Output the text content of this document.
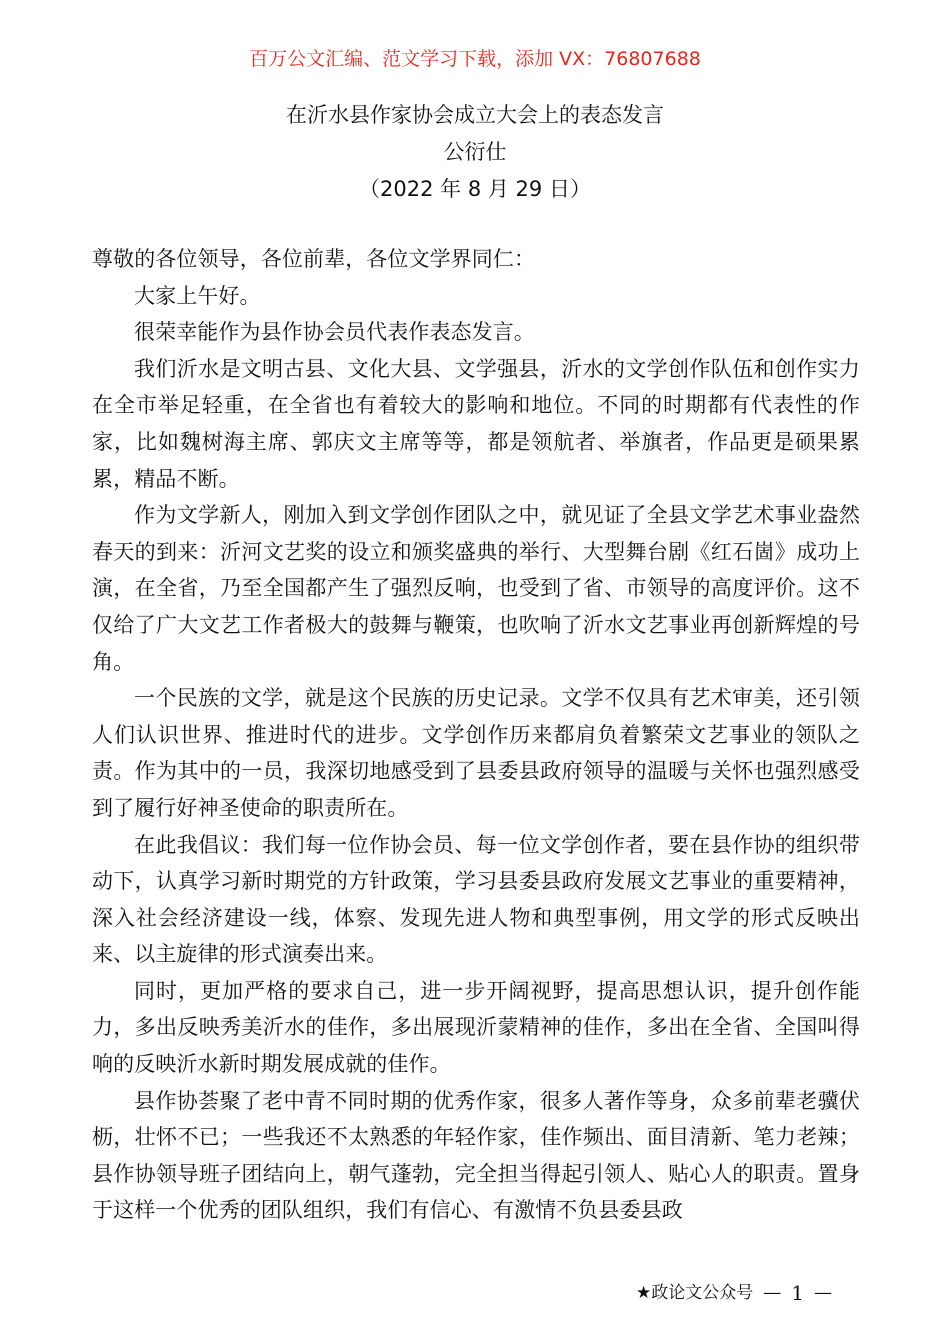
百万公文汇编、范文学习下载，添加 VX：76807688
在沂水县作家协会成立大会上的表态发言
公衍仕
（2022 年 8 月 29 日）

尊敬的各位领导，各位前辈，各位文学界同仁：

大家上午好。

很荣幸能作为县作协会员代表作表态发言。

我们沂水是文明古县、文化大县、文学强县，沂水的文学创作队伍和创作实力在全市举足轻重，在全省也有着较大的影响和地位。不同的时期都有代表性的作家，比如魏树海主席、郭庆文主席等等，都是领航者、举旗者，作品更是硕果累累，精品不断。

作为文学新人，刚加入到文学创作团队之中，就见证了全县文学艺术事业盎然春天的到来：沂河文艺奖的设立和颁奖盛典的举行、大型舞台剧《红石崮》成功上演，在全省，乃至全国都产生了强烈反响，也受到了省、市领导的高度评价。这不仅给了广大文艺工作者极大的鼓舞与鞭策，也吹响了沂水文艺事业再创新辉煌的号角。

一个民族的文学，就是这个民族的历史记录。文学不仅具有艺术审美，还引领人们认识世界、推进时代的进步。文学创作历来都肩负着繁荣文艺事业的领队之责。作为其中的一员，我深切地感受到了县委县政府领导的温暖与关怀也强烈感受到了履行好神圣使命的职责所在。

在此我倡议：我们每一位作协会员、每一位文学创作者，要在县作协的组织带动下，认真学习新时期党的方针政策，学习县委县政府发展文艺事业的重要精神，深入社会经济建设一线，体察、发现先进人物和典型事例，用文学的形式反映出来、以主旋律的形式演奏出来。

同时，更加严格的要求自己，进一步开阔视野，提高思想认识，提升创作能力，多出反映秀美沂水的佳作，多出展现沂蒙精神的佳作，多出在全省、全国叫得响的反映沂水新时期发展成就的佳作。

县作协荟聚了老中青不同时期的优秀作家，很多人著作等身，众多前辈老骥伏枥，壮怀不已；一些我还不太熟悉的年轻作家，佳作频出、面目清新、笔力老辣；县作协领导班子团结向上，朝气蓬勃，完全担当得起引领人、贴心人的职责。置身于这样一个优秀的团队组织，我们有信心、有激情不负县委县政

★政论文公众号 — 1 —
